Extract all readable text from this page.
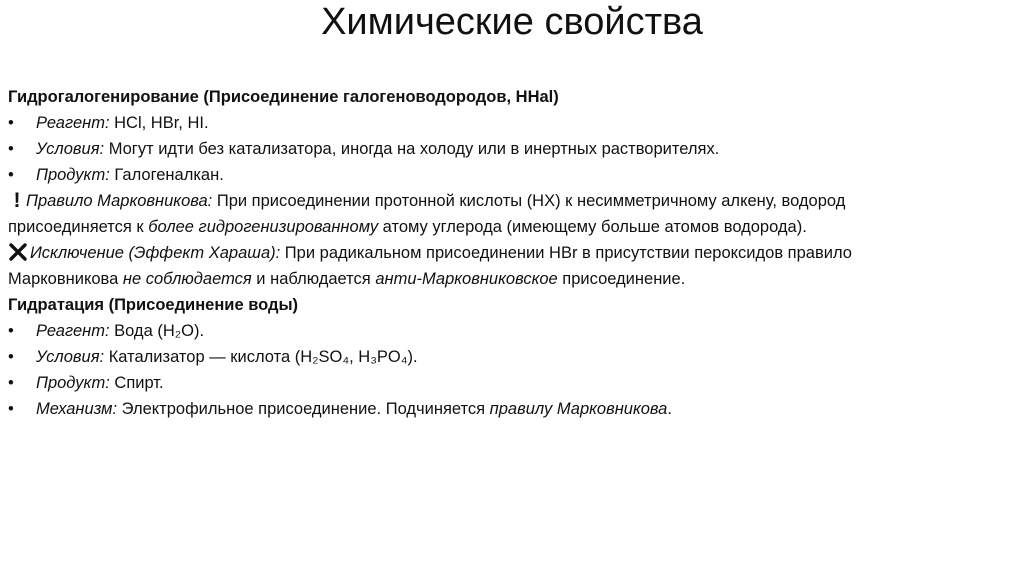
Химические свойства

Гидрогалогенирование (Присоединение галогеноводородов, HHal)

• Реагент: HCl, HBr, HI.
• Условия: Могут идти без катализатора, иногда на холоду или в инертных растворителях.
• Продукт: Галогеналкан.
! Правило Марковникова: При присоединении протонной кислоты (HX) к несимметричному алкену, водород
присоединяется к более гидрогенизированному атому углерода (имеющему больше атомов водорода).
Исключение (Эффект Хараша): При радикальном присоединении HBr в присутствии пероксидов правило
Марковникова не соблюдается и наблюдается анти-Марковниковское присоединение.

Гидратация (Присоединение воды)

• Реагент: Вода (H₂O).
• Условия: Катализатор — кислота (H₂SO₄, H₃PO₄).
• Продукт: Спирт.
• Механизм: Электрофильное присоединение. Подчиняется правилу Марковникова.
